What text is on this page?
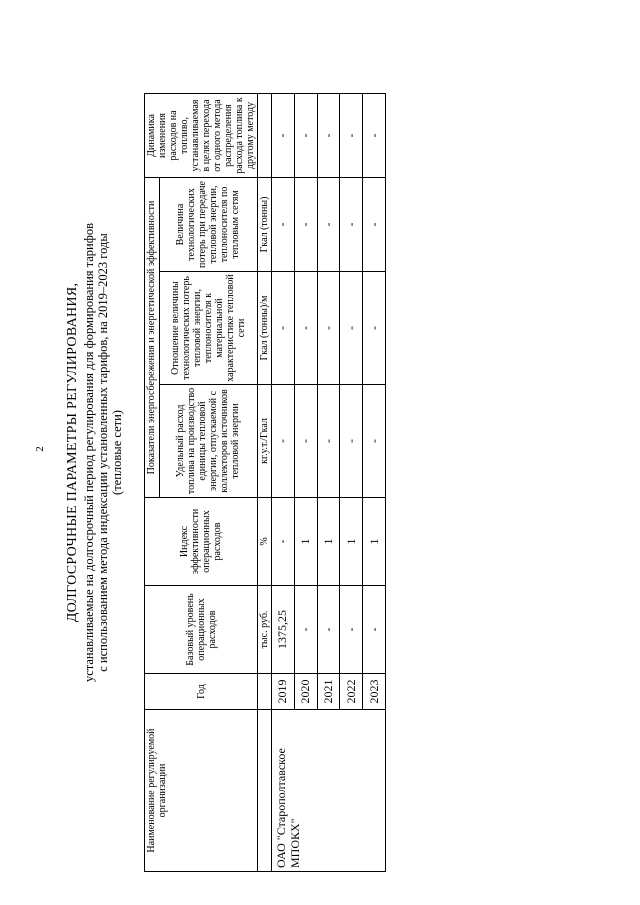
2 ДОЛГОСРОЧНЫЕ ПАРАМЕТРЫ РЕГУЛИРОВАНИЯ, устанавливаемые на долгосрочный период регулирования для формирования тарифов с использованием метода индексации установленных тарифов, на 2019–2023 годы (тепловые сети)
Наименование регулируемой организации	Год	Базовый уровень операционных расходов	Индекс эффективности операционных расходов	Показатели энергосбережения и энергетической эффективности			Динамика изменения расходов на топливо, устанавливаемая в целях перехода от одного метода распределения расхода топлива к другому методу
				Удельный расход топлива на производство единицы тепловой энергии, отпускаемой с коллекторов источников тепловой энергии	Отношение величины технологических потерь тепловой энергии, теплоносителя к материальной характеристике тепловой сети	Величина технологических потерь при передаче тепловой энергии, теплоносителя по тепловым сетям	
		тыс. руб.	%	кг.у.т./Гкал	Гкал (тонны)/м	Гкал (тонны)	
ОАО "Старополтавское МПОКХ"	2019	1375,25	-	-	-	-	-
	2020	-	1	-	-	-	-
	2021	-	1	-	-	-	-
	2022	-	1	-	-	-	-
	2023	-	1	-	-	-	-
